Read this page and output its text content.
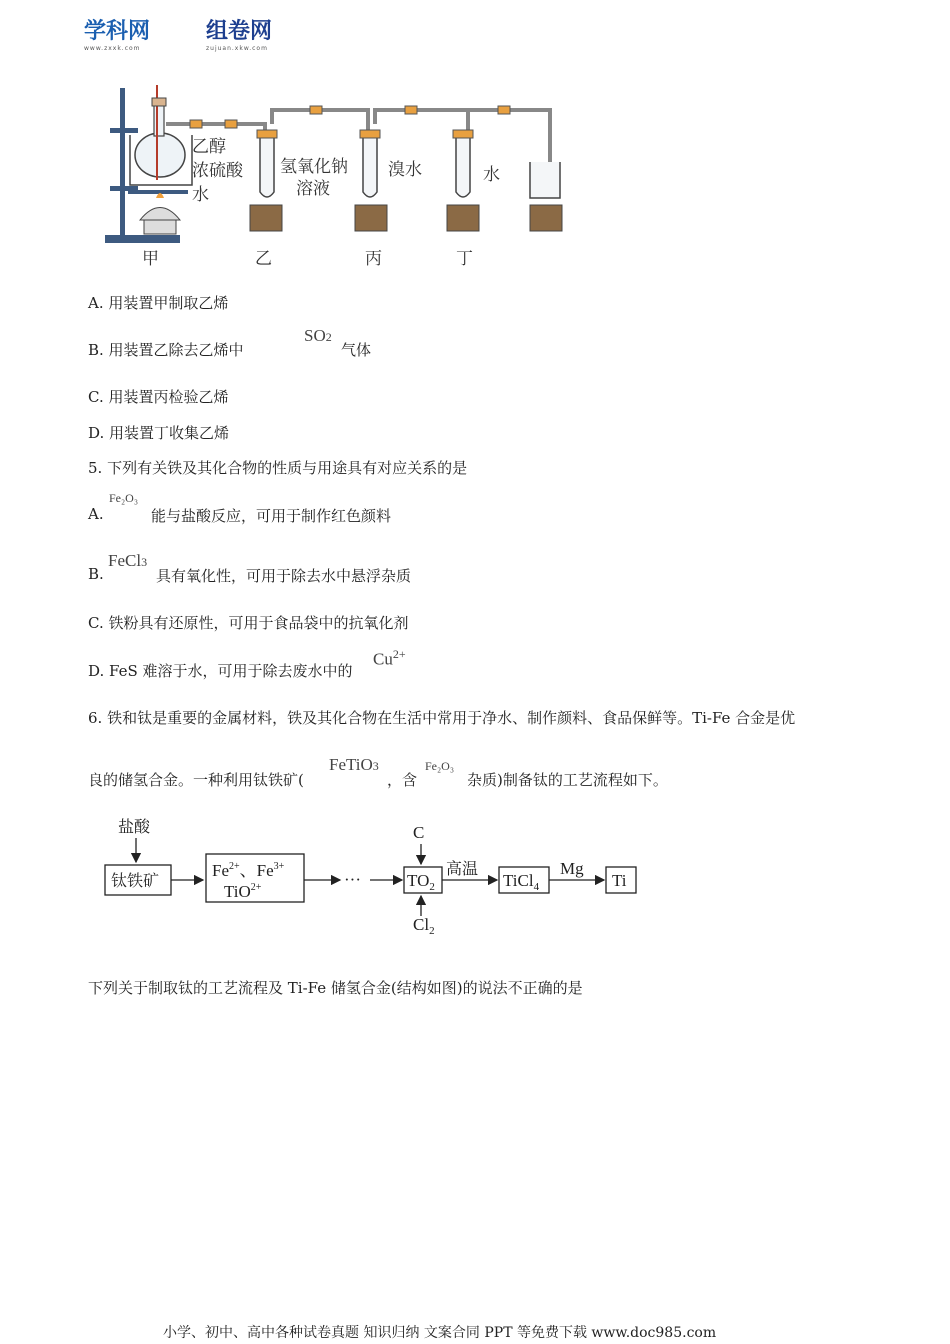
学科网
www.zxxk.com
组卷网
zujuan.xkw.com
乙醇
浓硫酸
水
氢氧化钠
溶液
溴水	水
甲	乙	丙	丁
A. 用装置甲制取乙烯
B. 用装置乙除去乙烯中
SO2
气体
C. 用装置丙检验乙烯
D. 用装置丁收集乙烯
5. 下列有关铁及其化合物的性质与用途具有对应关系的是
A.
Fe₂O₃
能与盐酸反应，可用于制作红色颜料
B.
FeCl3
具有氧化性，可用于除去水中悬浮杂质
C. 铁粉具有还原性，可用于食品袋中的抗氧化剂
D. FeS 难溶于水，可用于除去废水中的
$Cu^{2+}$
6. 铁和钛是重要的金属材料，铁及其化合物在生活中常用于净水、制作颜料、食品保鲜等。Ti-Fe 合金是优
良的储氢合金。一种利用钛铁矿(
FeTiO3
，含
Fe₂O₃
杂质)制备钛的工艺流程如下。
盐酸
钛铁矿
$Fe^{2+}$、$Fe^{3+}$
TiO$^{2+}$	···
C
$TO_2$
$Cl_2$
高温
TiCl$_4$
Mg
Ti
下列关于制取钛的工艺流程及 Ti-Fe 储氢合金(结构如图)的说法不正确的是
小学、初中、高中各种试卷真题 知识归纳 文案合同 PPT 等免费下载 www.doc985.com
